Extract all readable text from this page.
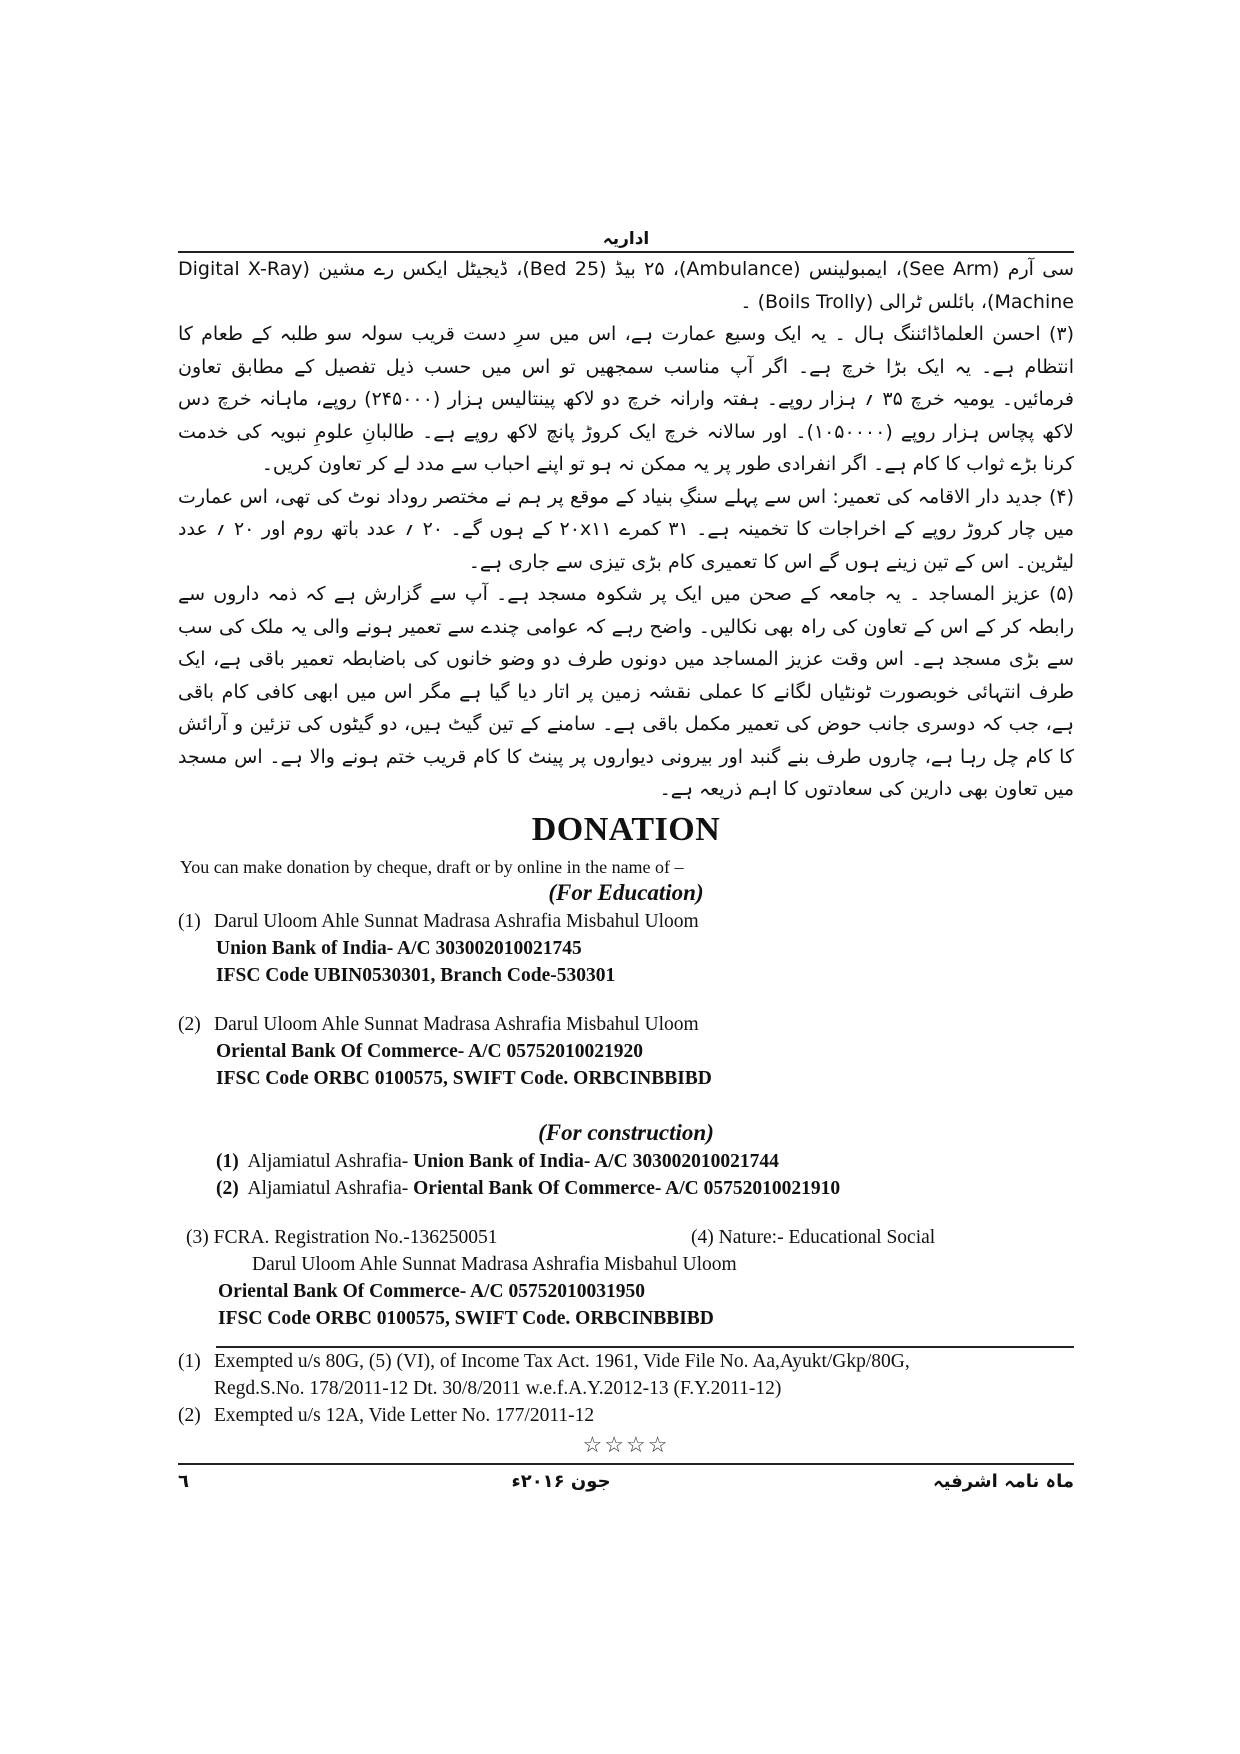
اداریہ

سی آرم (See Arm)، ایمبولینس (Ambulance)، ۲۵ بیڈ (25 Bed)، ڈیجیٹل ایکس رے مشین (Digital X-Ray Machine)، بائلس ٹرالی (Boils Trolly) ۔

(۳) احسن العلماڈائننگ ہال ۔ یہ ایک وسیع عمارت ہے، اس میں سرِ دست قریب سولہ سو طلبہ کے طعام کا انتظام ہے۔ یہ ایک بڑا خرچ ہے۔ اگر آپ مناسب سمجھیں تو اس میں حسب ذیل تفصیل کے مطابق تعاون فرمائیں۔ یومیہ خرچ ۳۵ ؍ ہزار روپے۔ ہفتہ وارانہ خرچ دو لاکھ پینتالیس ہزار (۲۴۵۰۰۰) روپے، ماہانہ خرچ دس لاکھ پچاس ہزار روپے (۱۰۵۰۰۰۰)۔ اور سالانہ خرچ ایک کروڑ پانچ لاکھ روپے ہے۔ طالبانِ علومِ نبویہ کی خدمت کرنا بڑے ثواب کا کام ہے۔ اگر انفرادی طور پر یہ ممکن نہ ہو تو اپنے احباب سے مدد لے کر تعاون کریں۔

(۴) جدید دار الاقامہ کی تعمیر: اس سے پہلے سنگِ بنیاد کے موقع پر ہم نے مختصر روداد نوٹ کی تھی، اس عمارت میں چار کروڑ روپے کے اخراجات کا تخمینہ ہے۔ ۳۱ کمرے ۲۰x۱۱ کے ہوں گے۔ ۲۰ ؍ عدد باتھ روم اور ۲۰ ؍ عدد لیٹرین۔ اس کے تین زینے ہوں گے اس کا تعمیری کام بڑی تیزی سے جاری ہے۔

(۵) عزیز المساجد ۔ یہ جامعہ کے صحن میں ایک پر شکوہ مسجد ہے۔ آپ سے گزارش ہے کہ ذمہ داروں سے رابطہ کر کے اس کے تعاون کی راہ بھی نکالیں۔ واضح رہے کہ عوامی چندے سے تعمیر ہونے والی یہ ملک کی سب سے بڑی مسجد ہے۔ اس وقت عزیز المساجد میں دونوں طرف دو وضو خانوں کی باضابطہ تعمیر باقی ہے، ایک طرف انتہائی خوبصورت ٹونٹیاں لگانے کا عملی نقشہ زمین پر اتار دیا گیا ہے مگر اس میں ابھی کافی کام باقی ہے، جب کہ دوسری جانب حوض کی تعمیر مکمل باقی ہے۔ سامنے کے تین گیٹ ہیں، دو گیٹوں کی تزئین و آرائش کا کام چل رہا ہے، چاروں طرف بنے گنبد اور بیرونی دیواروں پر پینٹ کا کام قریب ختم ہونے والا ہے۔ اس مسجد میں تعاون بھی دارین کی سعادتوں کا اہم ذریعہ ہے۔

DONATION
You can make donation by cheque, draft or by online in the name of –
(For Education)
(1) Darul Uloom Ahle Sunnat Madrasa Ashrafia Misbahul Uloom
Union Bank of India- A/C 303002010021745
IFSC Code UBIN0530301, Branch Code-530301
(2) Darul Uloom Ahle Sunnat Madrasa Ashrafia Misbahul Uloom
Oriental Bank Of Commerce- A/C 05752010021920
IFSC Code ORBC 0100575, SWIFT Code. ORBCINBBIBD
(For construction)
(1) Aljamiatul Ashrafia- Union Bank of India- A/C 303002010021744
(2) Aljamiatul Ashrafia- Oriental Bank Of Commerce- A/C 05752010021910
(3) FCRA. Registration No.-136250051	(4) Nature:- Educational Social
Darul Uloom Ahle Sunnat Madrasa Ashrafia Misbahul Uloom
Oriental Bank Of Commerce- A/C 05752010031950
IFSC Code ORBC 0100575, SWIFT Code. ORBCINBBIBD
(1) Exempted u/s 80G, (5) (VI), of Income Tax Act. 1961, Vide File No. Aa,Ayukt/Gkp/80G,
Regd.S.No. 178/2011-12 Dt. 30/8/2011 w.e.f.A.Y.2012-13 (F.Y.2011-12)
(2) Exempted u/s 12A, Vide Letter No. 177/2011-12
☆☆☆☆
٦	جون ۲۰۱۶ء	ماہ نامہ اشرفیہ
